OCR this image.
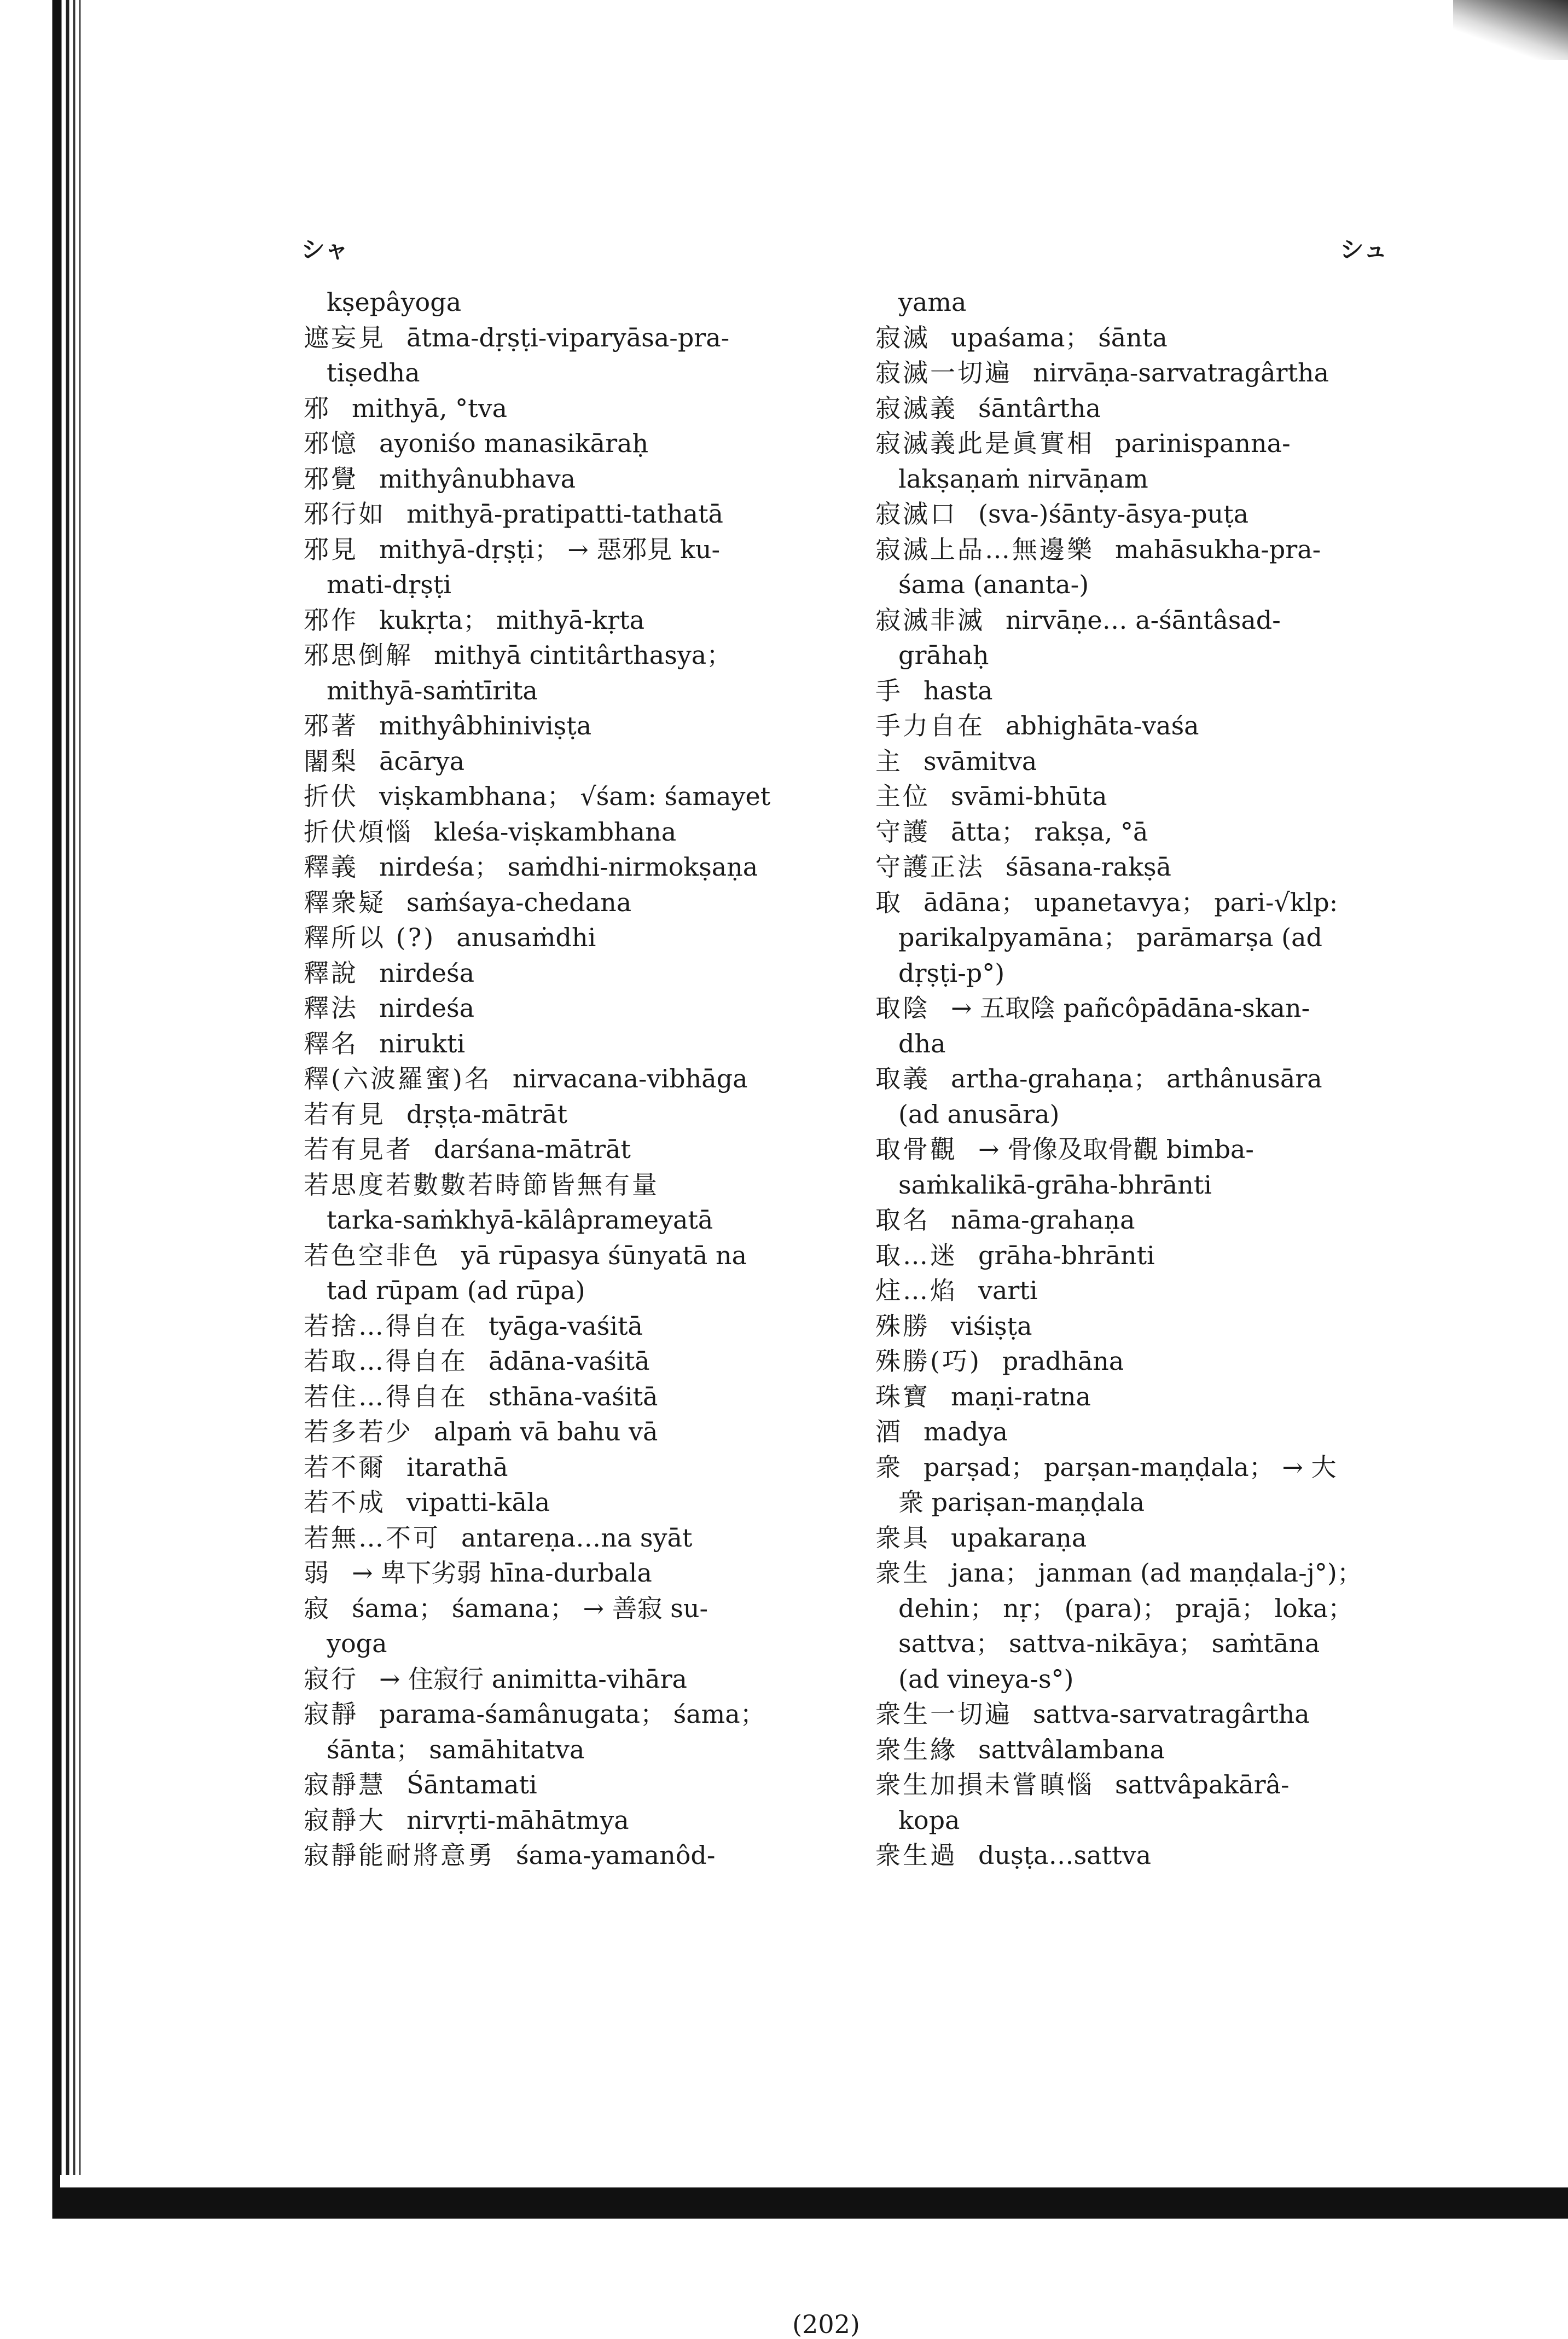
シャ	シュ
kṣepâyoga
遮妄見 ātma-dṛṣṭi-viparyāsa-pra-
tiṣedha
邪 mithyā, °tva
邪憶 ayoniśo manasikāraḥ
邪覺 mithyânubhava
邪行如 mithyā-pratipatti-tathatā
邪見 mithyā-dṛṣṭi； → 惡邪見 ku-
mati-dṛṣṭi
邪作 kukṛta； mithyā-kṛta
邪思倒解 mithyā cintitârthasya；
mithyā-saṁtīrita
邪著 mithyâbhiniviṣṭa
闍梨 ācārya
折伏 viṣkambhana； √śam: śamayet
折伏煩惱 kleśa-viṣkambhana
釋義 nirdeśa； saṁdhi-nirmokṣaṇa
釋衆疑 saṁśaya-chedana
釋所以 (?) anusaṁdhi
釋說 nirdeśa
釋法 nirdeśa
釋名 nirukti
釋(六波羅蜜)名 nirvacana-vibhāga
若有見 dṛṣṭa-mātrāt
若有見者 darśana-mātrāt
若思度若數數若時節皆無有量
tarka-saṁkhyā-kālâprameyatā
若色空非色 yā rūpasya śūnyatā na
tad rūpam (ad rūpa)
若捨…得自在 tyāga-vaśitā
若取…得自在 ādāna-vaśitā
若住…得自在 sthāna-vaśitā
若多若少 alpaṁ vā bahu vā
若不爾 itarathā
若不成 vipatti-kāla
若無…不可 antareṇa…na syāt
弱 → 卑下劣弱 hīna-durbala
寂 śama； śamana； → 善寂 su-
yoga
寂行 → 住寂行 animitta-vihāra
寂靜 parama-śamânugata； śama；
śānta； samāhitatva
寂靜慧 Śāntamati
寂靜大 nirvṛti-māhātmya
寂靜能耐將意勇 śama-yamanôd-
yama
寂滅 upaśama； śānta
寂滅一切遍 nirvāṇa-sarvatragârtha
寂滅義 śāntârtha
寂滅義此是眞實相 parinispanna-
lakṣaṇaṁ nirvāṇam
寂滅口 (sva-)śānty-āsya-puṭa
寂滅上品…無邊樂 mahāsukha-pra-
śama (ananta-)
寂滅非滅 nirvāṇe… a-śāntâsad-
grāhaḥ
手 hasta
手力自在 abhighāta-vaśa
主 svāmitva
主位 svāmi-bhūta
守護 ātta； rakṣa, °ā
守護正法 śāsana-rakṣā
取 ādāna； upanetavya； pari-√klp:
parikalpyamāna； parāmarṣa (ad
dṛṣṭi-p°)
取陰 → 五取陰 pañcôpādāna-skan-
dha
取義 artha-grahaṇa； arthânusāra
(ad anusāra)
取骨觀 → 骨像及取骨觀 bimba-
saṁkalikā-grāha-bhrānti
取名 nāma-grahaṇa
取…迷 grāha-bhrānti
炷…焰 varti
殊勝 viśiṣṭa
殊勝(巧) pradhāna
珠寶 maṇi-ratna
酒 madya
衆 parṣad； parṣan-maṇḍala； → 大
衆 pariṣan-maṇḍala
衆具 upakaraṇa
衆生 jana； janman (ad maṇḍala-j°)；
dehin； nṛ； (para)； prajā； loka；
sattva； sattva-nikāya； saṁtāna
(ad vineya-s°)
衆生一切遍 sattva-sarvatragârtha
衆生緣 sattvâlambana
衆生加損未嘗瞋惱 sattvâpakārâ-
kopa
衆生過 duṣṭa…sattva
(202)
